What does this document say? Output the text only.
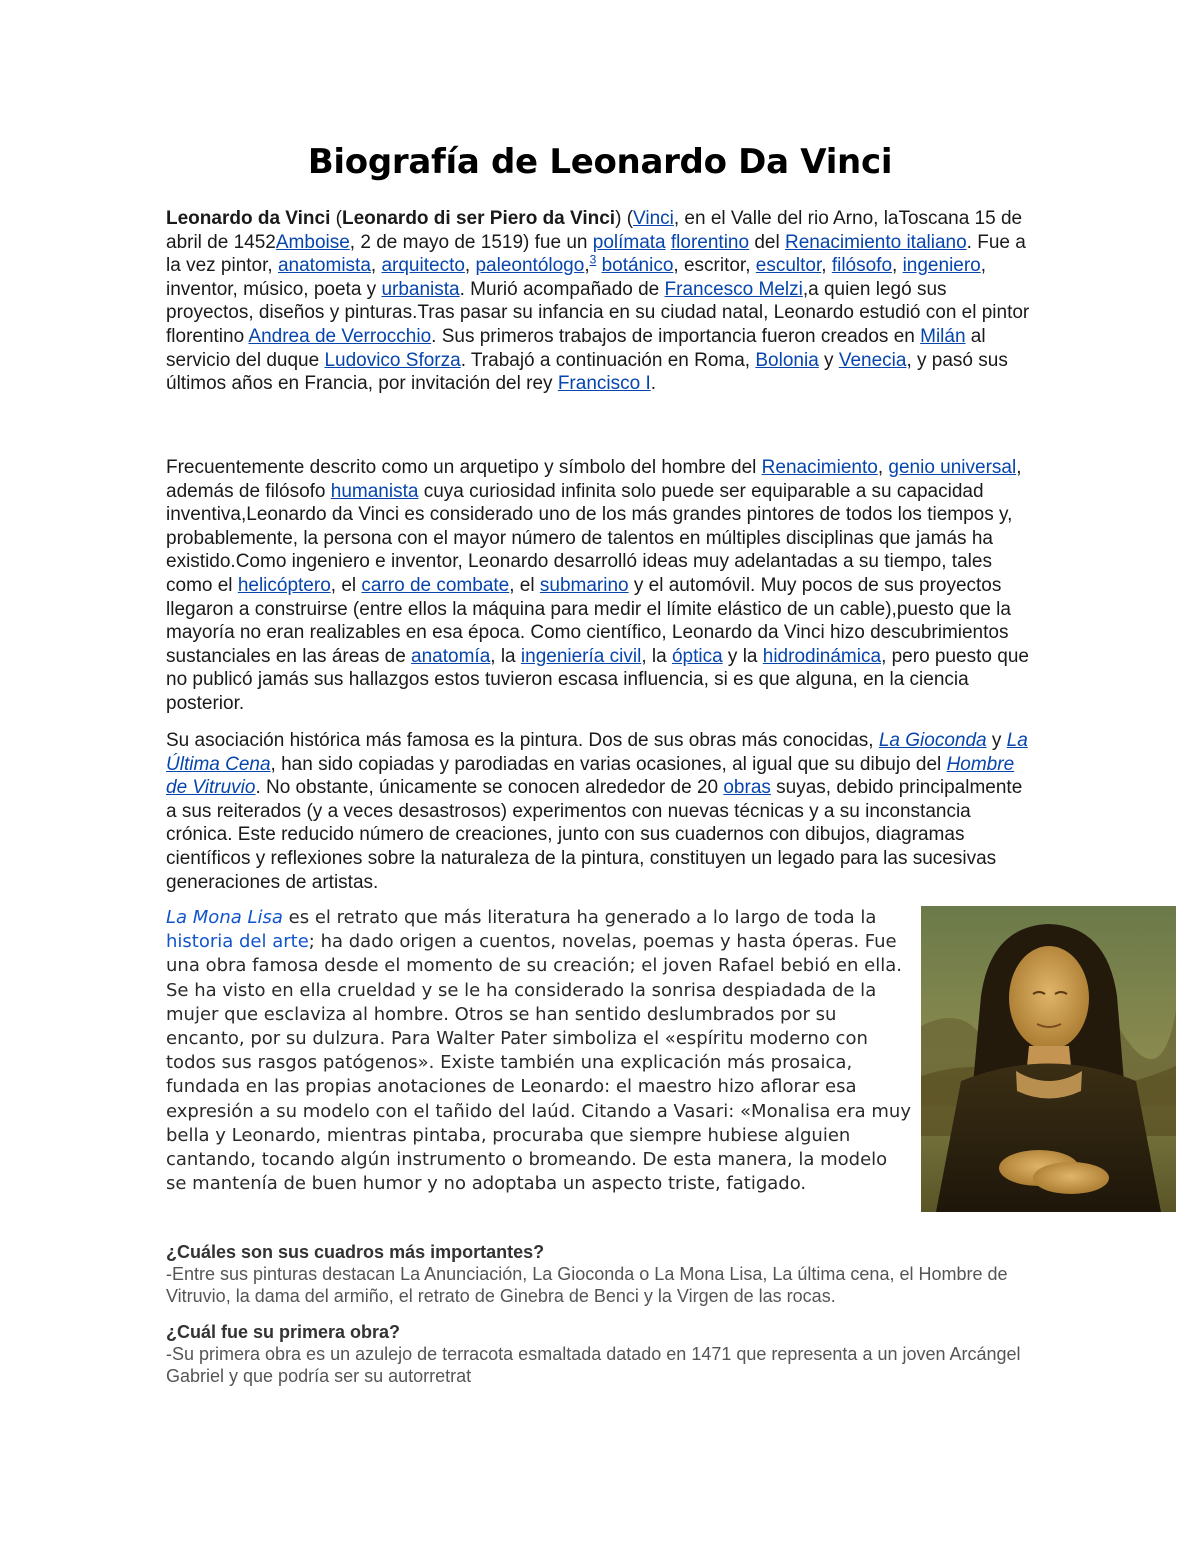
Biografía de Leonardo Da Vinci
Leonardo da Vinci (Leonardo di ser Piero da Vinci) (Vinci, en el Valle del rio Arno, laToscana 15 de abril de 1452Amboise, 2 de mayo de 1519) fue un polímata florentino del Renacimiento italiano. Fue a la vez pintor, anatomista, arquitecto, paleontólogo,$^3$ botánico, escritor, escultor, filósofo, ingeniero, inventor, músico, poeta y urbanista. Murió acompañado de Francesco Melzi,a quien legó sus proyectos, diseños y pinturas.Tras pasar su infancia en su ciudad natal, Leonardo estudió con el pintor florentino Andrea de Verrocchio. Sus primeros trabajos de importancia fueron creados en Milán al servicio del duque Ludovico Sforza. Trabajó a continuación en Roma, Bolonia y Venecia, y pasó sus últimos años en Francia, por invitación del rey Francisco I.
Frecuentemente descrito como un arquetipo y símbolo del hombre del Renacimiento, genio universal, además de filósofo humanista cuya curiosidad infinita solo puede ser equiparable a su capacidad inventiva,Leonardo da Vinci es considerado uno de los más grandes pintores de todos los tiempos y, probablemente, la persona con el mayor número de talentos en múltiples disciplinas que jamás ha existido.Como ingeniero e inventor, Leonardo desarrolló ideas muy adelantadas a su tiempo, tales como el helicóptero, el carro de combate, el submarino y el automóvil. Muy pocos de sus proyectos llegaron a construirse (entre ellos la máquina para medir el límite elástico de un cable),puesto que la mayoría no eran realizables en esa época. Como científico, Leonardo da Vinci hizo descubrimientos sustanciales en las áreas de anatomía, la ingeniería civil, la óptica y la hidrodinámica, pero puesto que no publicó jamás sus hallazgos estos tuvieron escasa influencia, si es que alguna, en la ciencia posterior.
Su asociación histórica más famosa es la pintura. Dos de sus obras más conocidas, La Gioconda y La Última Cena, han sido copiadas y parodiadas en varias ocasiones, al igual que su dibujo del Hombre de Vitruvio. No obstante, únicamente se conocen alrededor de 20 obras suyas, debido principalmente a sus reiterados (y a veces desastrosos) experimentos con nuevas técnicas y a su inconstancia crónica. Este reducido número de creaciones, junto con sus cuadernos con dibujos, diagramas científicos y reflexiones sobre la naturaleza de la pintura, constituyen un legado para las sucesivas generaciones de artistas.
La Mona Lisa es el retrato que más literatura ha generado a lo largo de toda la historia del arte; ha dado origen a cuentos, novelas, poemas y hasta óperas. Fue una obra famosa desde el momento de su creación; el joven Rafael bebió en ella. Se ha visto en ella crueldad y se le ha considerado la sonrisa despiadada de la mujer que esclaviza al hombre. Otros se han sentido deslumbrados por su encanto, por su dulzura. Para Walter Pater simboliza el «espíritu moderno con todos sus rasgos patógenos». Existe también una explicación más prosaica, fundada en las propias anotaciones de Leonardo: el maestro hizo aflorar esa expresión a su modelo con el tañido del laúd. Citando a Vasari: «Monalisa era muy bella y Leonardo, mientras pintaba, procuraba que siempre hubiese alguien cantando, tocando algún instrumento o bromeando. De esta manera, la modelo se mantenía de buen humor y no adoptaba un aspecto triste, fatigado.
¿Cuáles son sus cuadros más importantes?
-Entre sus pinturas destacan La Anunciación, La Gioconda o La Mona Lisa, La última cena, el Hombre de Vitruvio, la dama del armiño, el retrato de Ginebra de Benci y la Virgen de las rocas.
¿Cuál fue su primera obra?
-Su primera obra es un azulejo de terracota esmaltada datado en 1471 que representa a un joven Arcángel Gabriel y que podría ser su autorretrat
